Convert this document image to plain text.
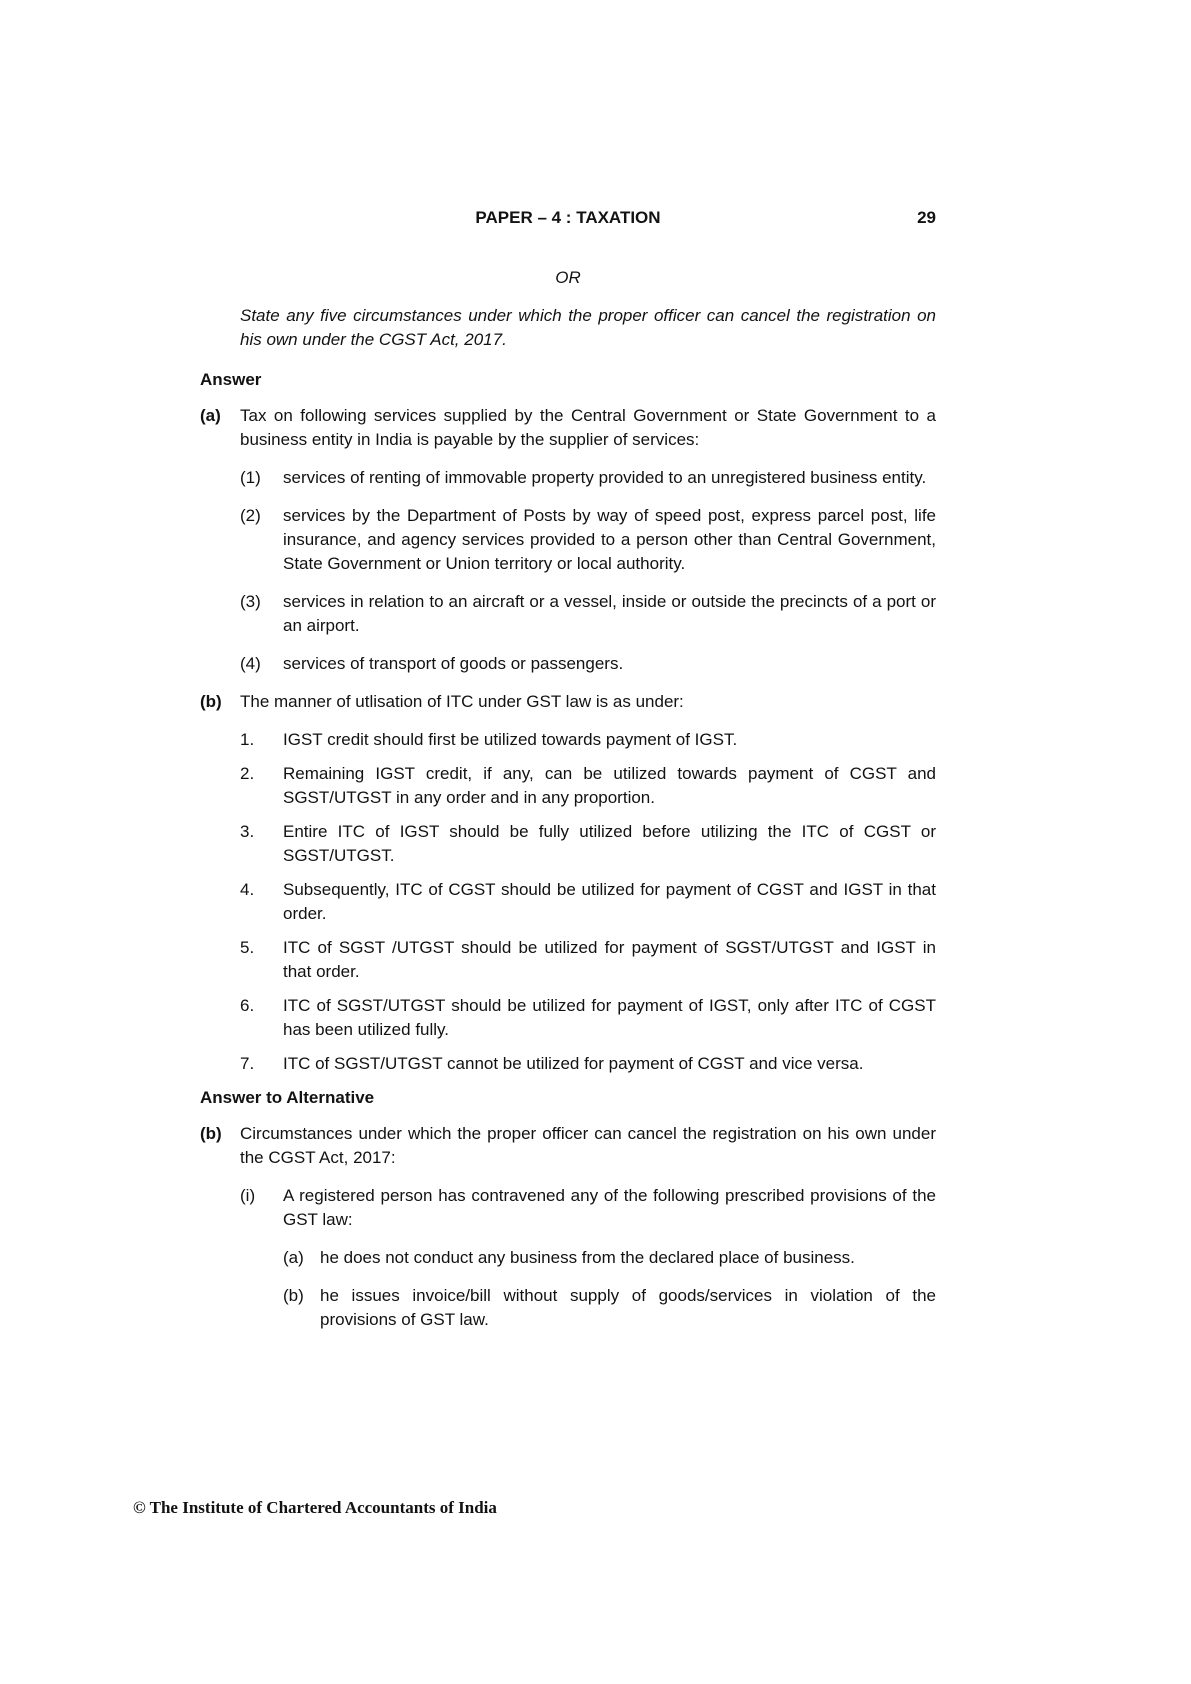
PAPER – 4 : TAXATION	29
OR

State any five circumstances under which the proper officer can cancel the registration on his own under the CGST Act, 2017.

Answer
(a)	Tax on following services supplied by the Central Government or State Government to a business entity in India is payable by the supplier of services:
(1)	services of renting of immovable property provided to an unregistered business entity.
(2)	services by the Department of Posts by way of speed post, express parcel post, life insurance, and agency services provided to a person other than Central Government, State Government or Union territory or local authority.
(3)	services in relation to an aircraft or a vessel, inside or outside the precincts of a port or an airport.
(4)	services of transport of goods or passengers.
(b)	The manner of utlisation of ITC under GST law is as under:
1.	IGST credit should first be utilized towards payment of IGST.
2.	Remaining IGST credit, if any, can be utilized towards payment of CGST and SGST/UTGST in any order and in any proportion.
3.	Entire ITC of IGST should be fully utilized before utilizing the ITC of CGST or SGST/UTGST.
4.	Subsequently, ITC of CGST should be utilized for payment of CGST and IGST in that order.
5.	ITC of SGST /UTGST should be utilized for payment of SGST/UTGST and IGST in that order.
6.	ITC of SGST/UTGST should be utilized for payment of IGST, only after ITC of CGST has been utilized fully.
7.	ITC of SGST/UTGST cannot be utilized for payment of CGST and vice versa.
Answer to Alternative
(b)	Circumstances under which the proper officer can cancel the registration on his own under the CGST Act, 2017:
(i)	A registered person has contravened any of the following prescribed provisions of the GST law:
(a) he does not conduct any business from the declared place of business.
(b) he issues invoice/bill without supply of goods/services in violation of the provisions of GST law.
© The Institute of Chartered Accountants of India
